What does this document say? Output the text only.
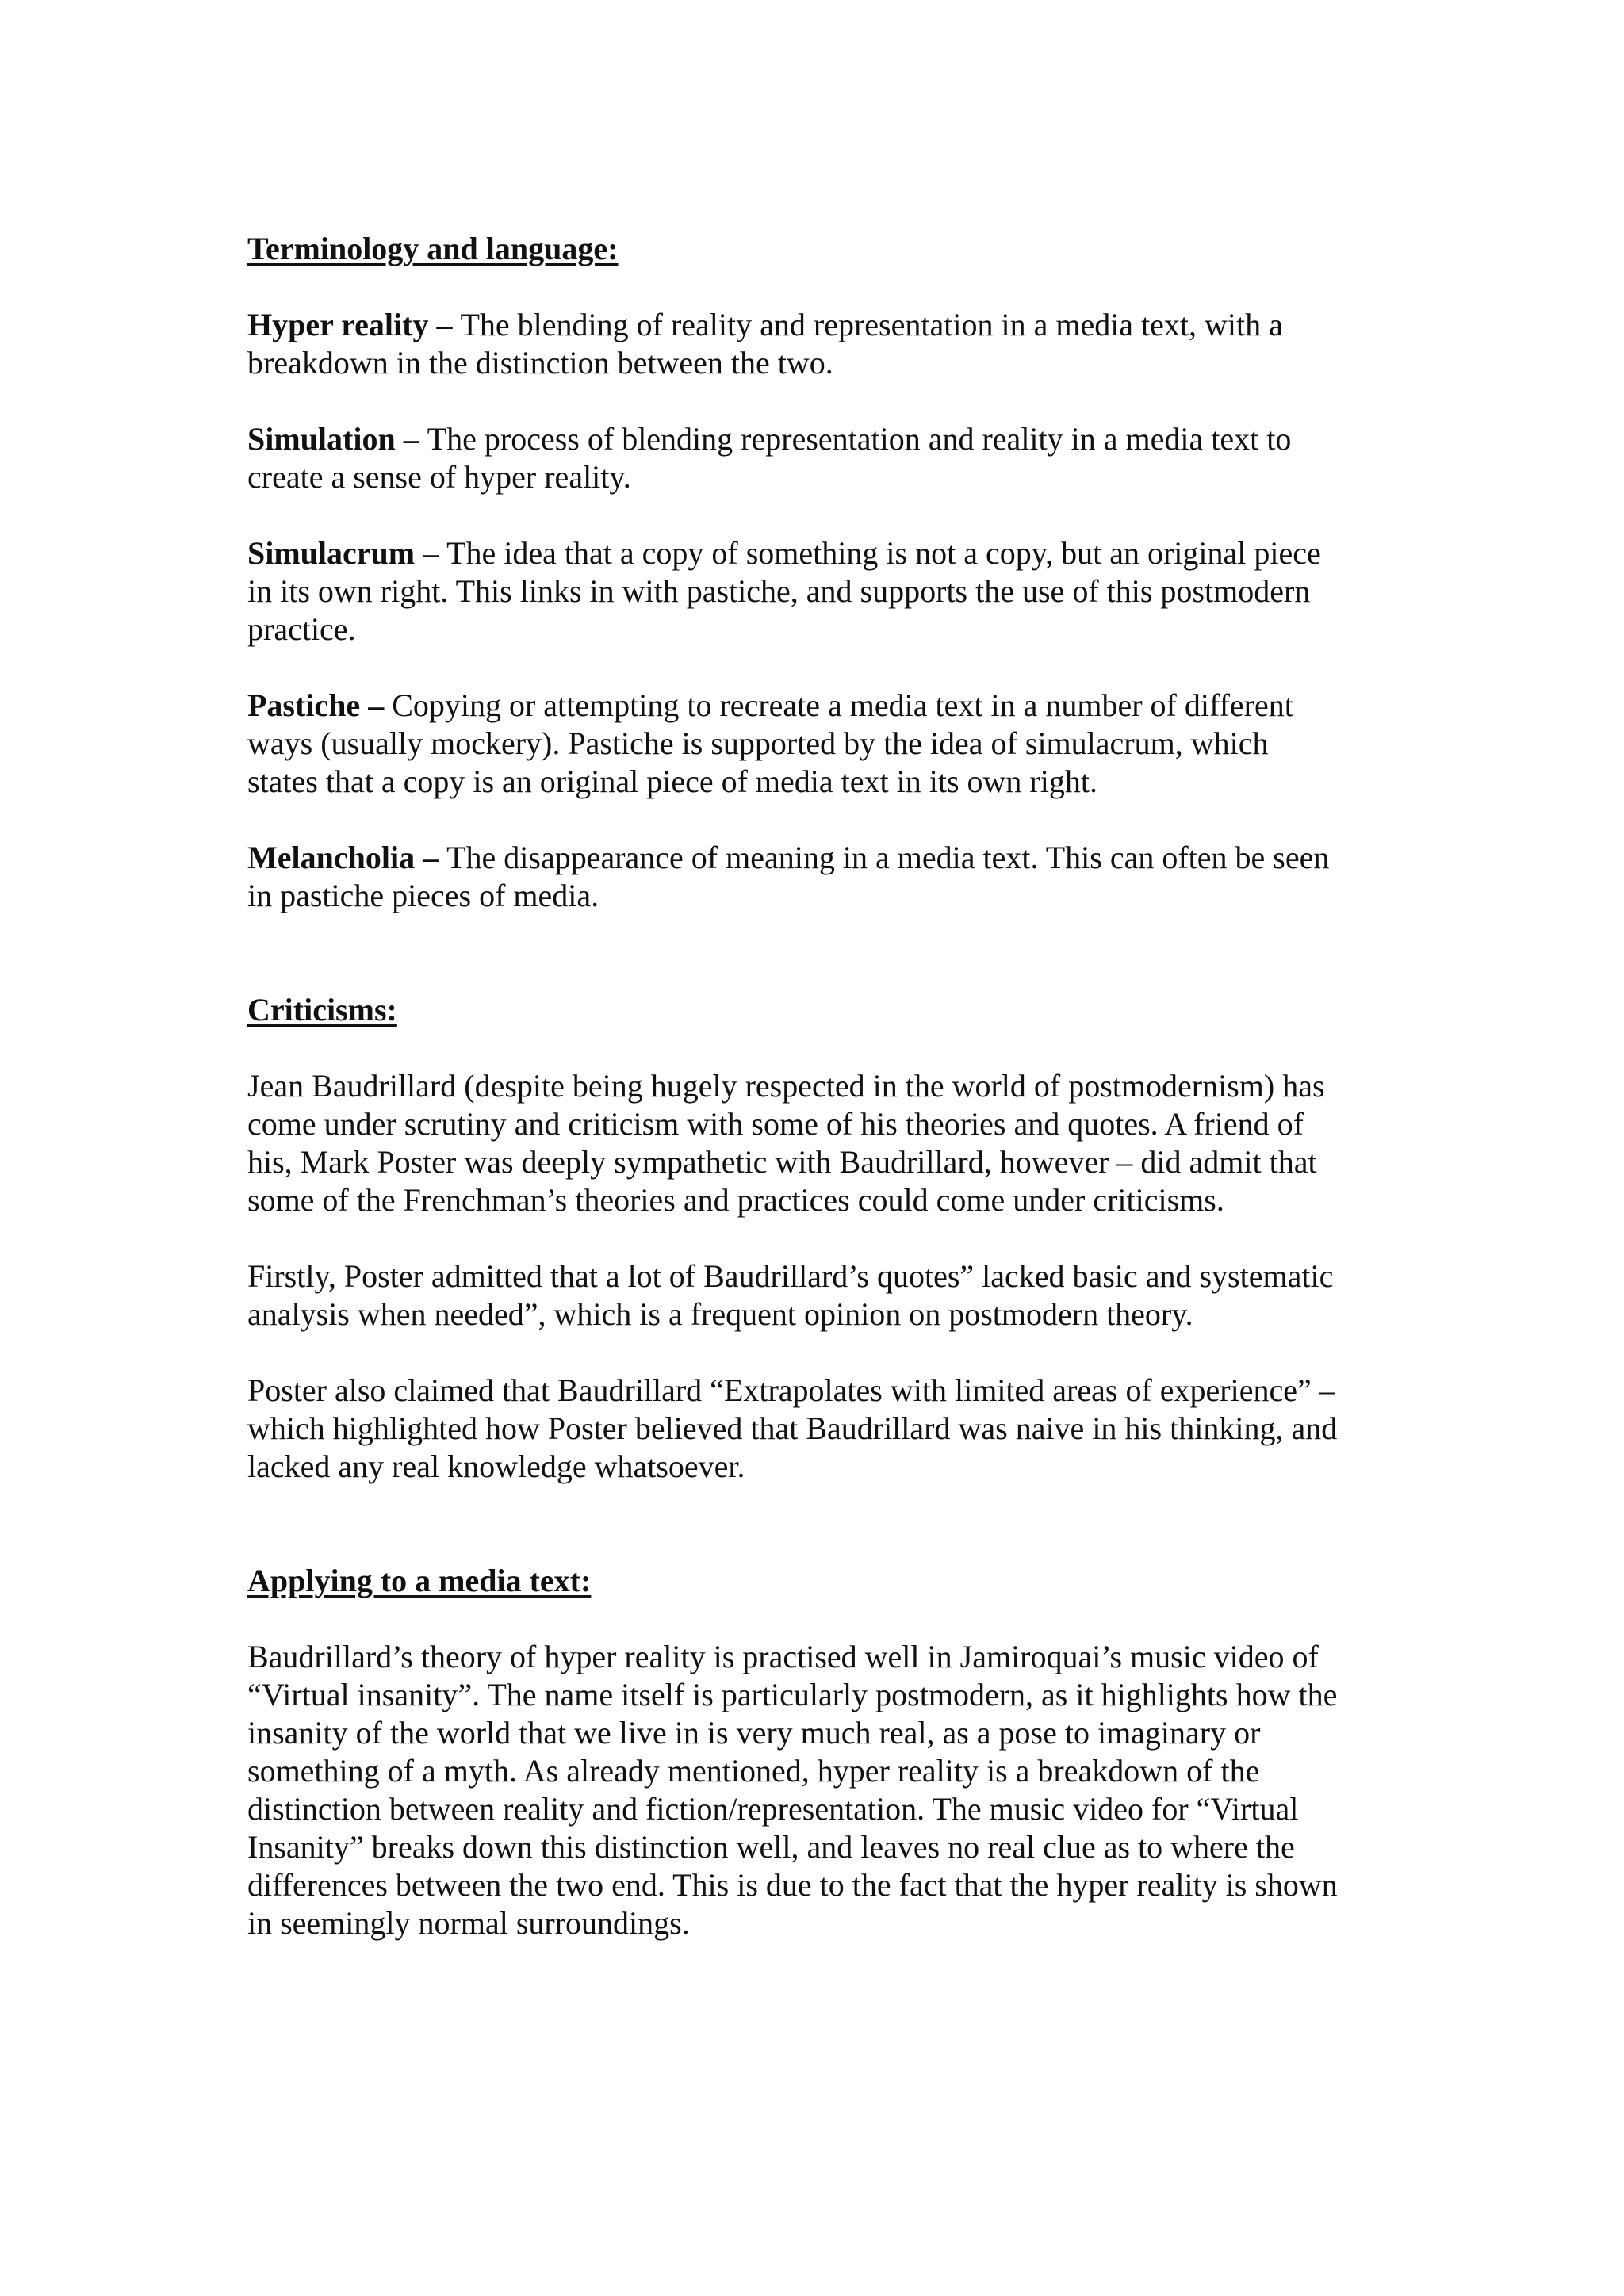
Terminology and language:
Hyper reality – The blending of reality and representation in a media text, with a
breakdown in the distinction between the two.
Simulation – The process of blending representation and reality in a media text to
create a sense of hyper reality.
Simulacrum – The idea that a copy of something is not a copy, but an original piece
in its own right. This links in with pastiche, and supports the use of this postmodern
practice.
Pastiche – Copying or attempting to recreate a media text in a number of different
ways (usually mockery). Pastiche is supported by the idea of simulacrum, which
states that a copy is an original piece of media text in its own right.
Melancholia – The disappearance of meaning in a media text. This can often be seen
in pastiche pieces of media.
Criticisms:
Jean Baudrillard (despite being hugely respected in the world of postmodernism) has
come under scrutiny and criticism with some of his theories and quotes. A friend of
his, Mark Poster was deeply sympathetic with Baudrillard, however – did admit that
some of the Frenchman’s theories and practices could come under criticisms.
Firstly, Poster admitted that a lot of Baudrillard’s quotes” lacked basic and systematic
analysis when needed”, which is a frequent opinion on postmodern theory.
Poster also claimed that Baudrillard “Extrapolates with limited areas of experience” –
which highlighted how Poster believed that Baudrillard was naive in his thinking, and
lacked any real knowledge whatsoever.
Applying to a media text:
Baudrillard’s theory of hyper reality is practised well in Jamiroquai’s music video of
“Virtual insanity”. The name itself is particularly postmodern, as it highlights how the
insanity of the world that we live in is very much real, as a pose to imaginary or
something of a myth. As already mentioned, hyper reality is a breakdown of the
distinction between reality and fiction/representation. The music video for “Virtual
Insanity” breaks down this distinction well, and leaves no real clue as to where the
differences between the two end. This is due to the fact that the hyper reality is shown
in seemingly normal surroundings.
